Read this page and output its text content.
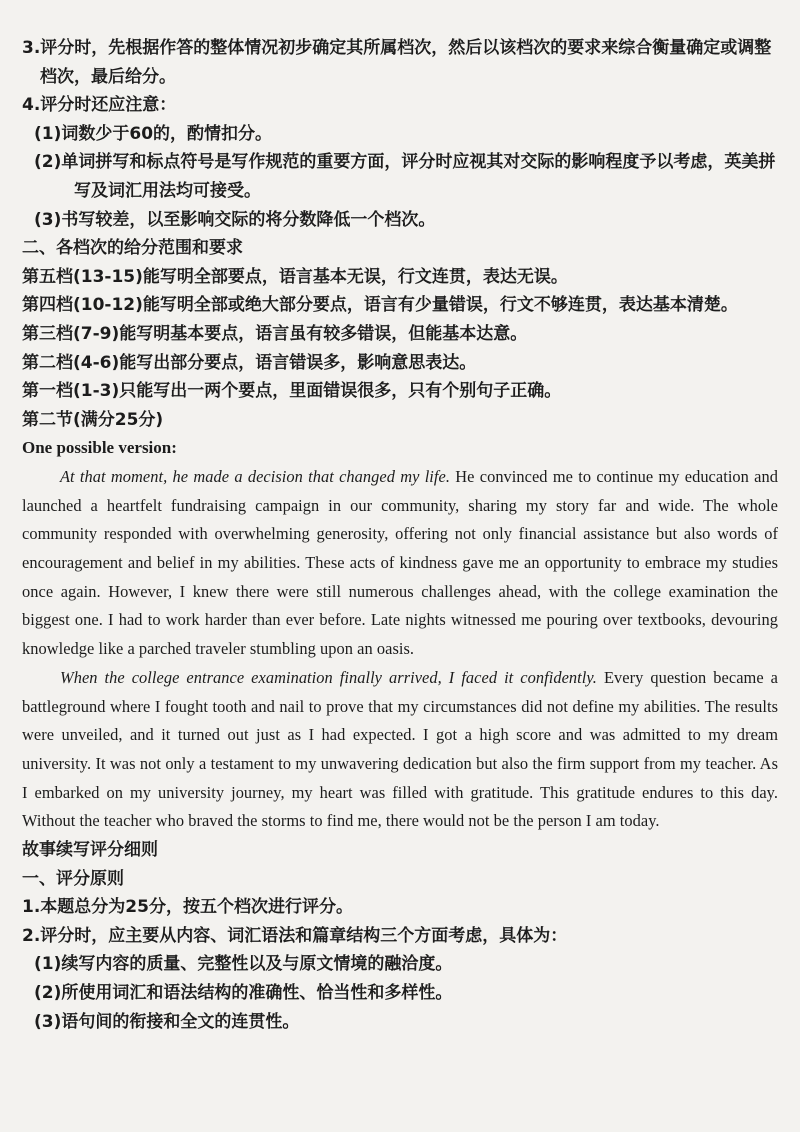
3.评分时，先根据作答的整体情况初步确定其所属档次，然后以该档次的要求来综合衡量确定或调整档次，最后给分。

4.评分时还应注意：

(1)词数少于60的，酌情扣分。

(2)单词拼写和标点符号是写作规范的重要方面，评分时应视其对交际的影响程度予以考虑，英美拼写及词汇用法均可接受。

(3)书写较差，以至影响交际的将分数降低一个档次。

二、各档次的给分范围和要求

第五档(13-15)能写明全部要点，语言基本无误，行文连贯，表达无误。

第四档(10-12)能写明全部或绝大部分要点，语言有少量错误，行文不够连贯，表达基本清楚。

第三档(7-9)能写明基本要点，语言虽有较多错误，但能基本达意。

第二档(4-6)能写出部分要点，语言错误多，影响意思表达。

第一档(1-3)只能写出一两个要点，里面错误很多，只有个别句子正确。

第二节(满分25分)

One possible version:

At that moment, he made a decision that changed my life. He convinced me to continue my education and launched a heartfelt fundraising campaign in our community, sharing my story far and wide. The whole community responded with overwhelming generosity, offering not only financial assistance but also words of encouragement and belief in my abilities. These acts of kindness gave me an opportunity to embrace my studies once again. However, I knew there were still numerous challenges ahead, with the college examination the biggest one. I had to work harder than ever before. Late nights witnessed me pouring over textbooks, devouring knowledge like a parched traveler stumbling upon an oasis.

When the college entrance examination finally arrived, I faced it confidently. Every question became a battleground where I fought tooth and nail to prove that my circumstances did not define my abilities. The results were unveiled, and it turned out just as I had expected. I got a high score and was admitted to my dream university. It was not only a testament to my unwavering dedication but also the firm support from my teacher. As I embarked on my university journey, my heart was filled with gratitude. This gratitude endures to this day. Without the teacher who braved the storms to find me, there would not be the person I am today.

故事续写评分细则

一、评分原则

1.本题总分为25分，按五个档次进行评分。

2.评分时，应主要从内容、词汇语法和篇章结构三个方面考虑，具体为：

(1)续写内容的质量、完整性以及与原文情境的融洽度。

(2)所使用词汇和语法结构的准确性、恰当性和多样性。

(3)语句间的衔接和全文的连贯性。
